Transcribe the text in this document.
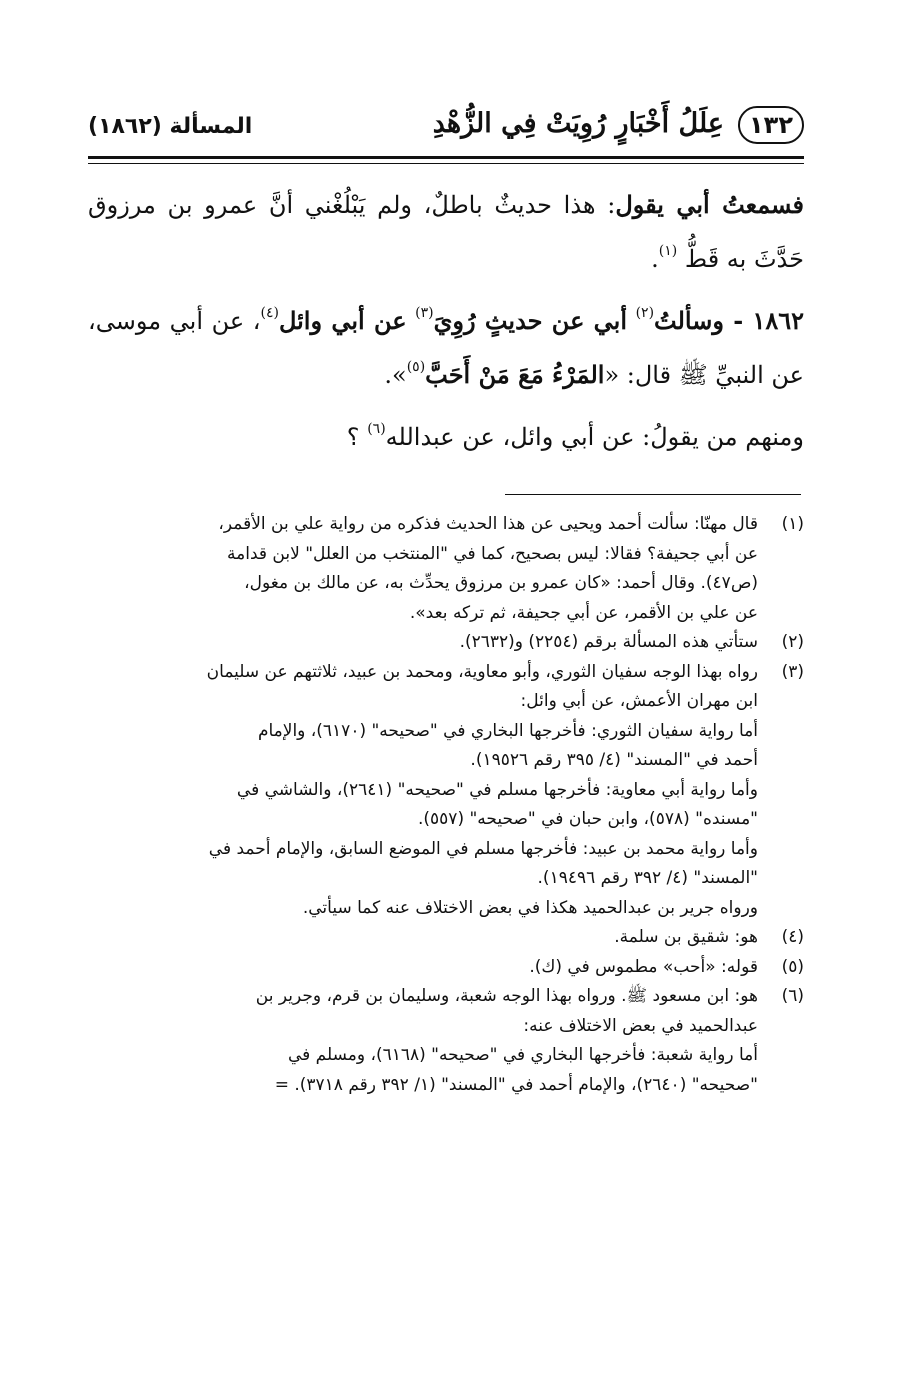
١٣٢
عِلَلُ أَخْبَارٍ رُوِيَتْ فِي الزُّهْدِ
المسألة (١٨٦٢)

فسمعتُ أبي يقول: هذا حديثٌ باطلٌ، ولم يَبْلُغْني أنَّ عمرو بن مرزوق حَدَّثَ به قَطُّ $^{(١)}$.

١٨٦٢ - وسألتُ$^{(٢)}$ أبي عن حديثٍ رُوِيَ$^{(٣)}$ عن أبي وائل$^{(٤)}$، عن أبي موسى، عن النبيِّ ﷺ قال: «المَرْءُ مَعَ مَنْ أَحَبَّ$^{(٥)}$».

ومنهم من يقولُ: عن أبي وائل، عن عبدالله$^{(٦)}$ ؟

(١)
قال مهنّا: سألت أحمد ويحيى عن هذا الحديث فذكره من رواية علي بن الأقمر،
عن أبي جحيفة؟ فقالا: ليس بصحيح، كما في "المنتخب من العلل" لابن قدامة
(ص٤٧). وقال أحمد: «كان عمرو بن مرزوق يحدِّث به، عن مالك بن مغول،
عن علي بن الأقمر، عن أبي جحيفة، ثم تركه بعد».
(٢)
ستأتي هذه المسألة برقم (٢٢٥٤) و(٢٦٣٢).
(٣)
رواه بهذا الوجه سفيان الثوري، وأبو معاوية، ومحمد بن عبيد، ثلاثتهم عن سليمان
ابن مهران الأعمش، عن أبي وائل:
أما رواية سفيان الثوري: فأخرجها البخاري في "صحيحه" (٦١٧٠)، والإمام
أحمد في "المسند" (٤/ ٣٩٥ رقم ١٩٥٢٦).
وأما رواية أبي معاوية: فأخرجها مسلم في "صحيحه" (٢٦٤١)، والشاشي في
"مسنده" (٥٧٨)، وابن حبان في "صحيحه" (٥٥٧).
وأما رواية محمد بن عبيد: فأخرجها مسلم في الموضع السابق، والإمام أحمد في
"المسند" (٤/ ٣٩٢ رقم ١٩٤٩٦).
ورواه جرير بن عبدالحميد هكذا في بعض الاختلاف عنه كما سيأتي.
(٤)
هو: شقيق بن سلمة.
(٥)
قوله: «أحب» مطموس في (ك).
(٦)
هو: ابن مسعود ﷺ. ورواه بهذا الوجه شعبة، وسليمان بن قرم، وجرير بن
عبدالحميد في بعض الاختلاف عنه:
أما رواية شعبة: فأخرجها البخاري في "صحيحه" (٦١٦٨)، ومسلم في
"صحيحه" (٢٦٤٠)، والإمام أحمد في "المسند" (١/ ٣٩٢ رقم ٣٧١٨). =
